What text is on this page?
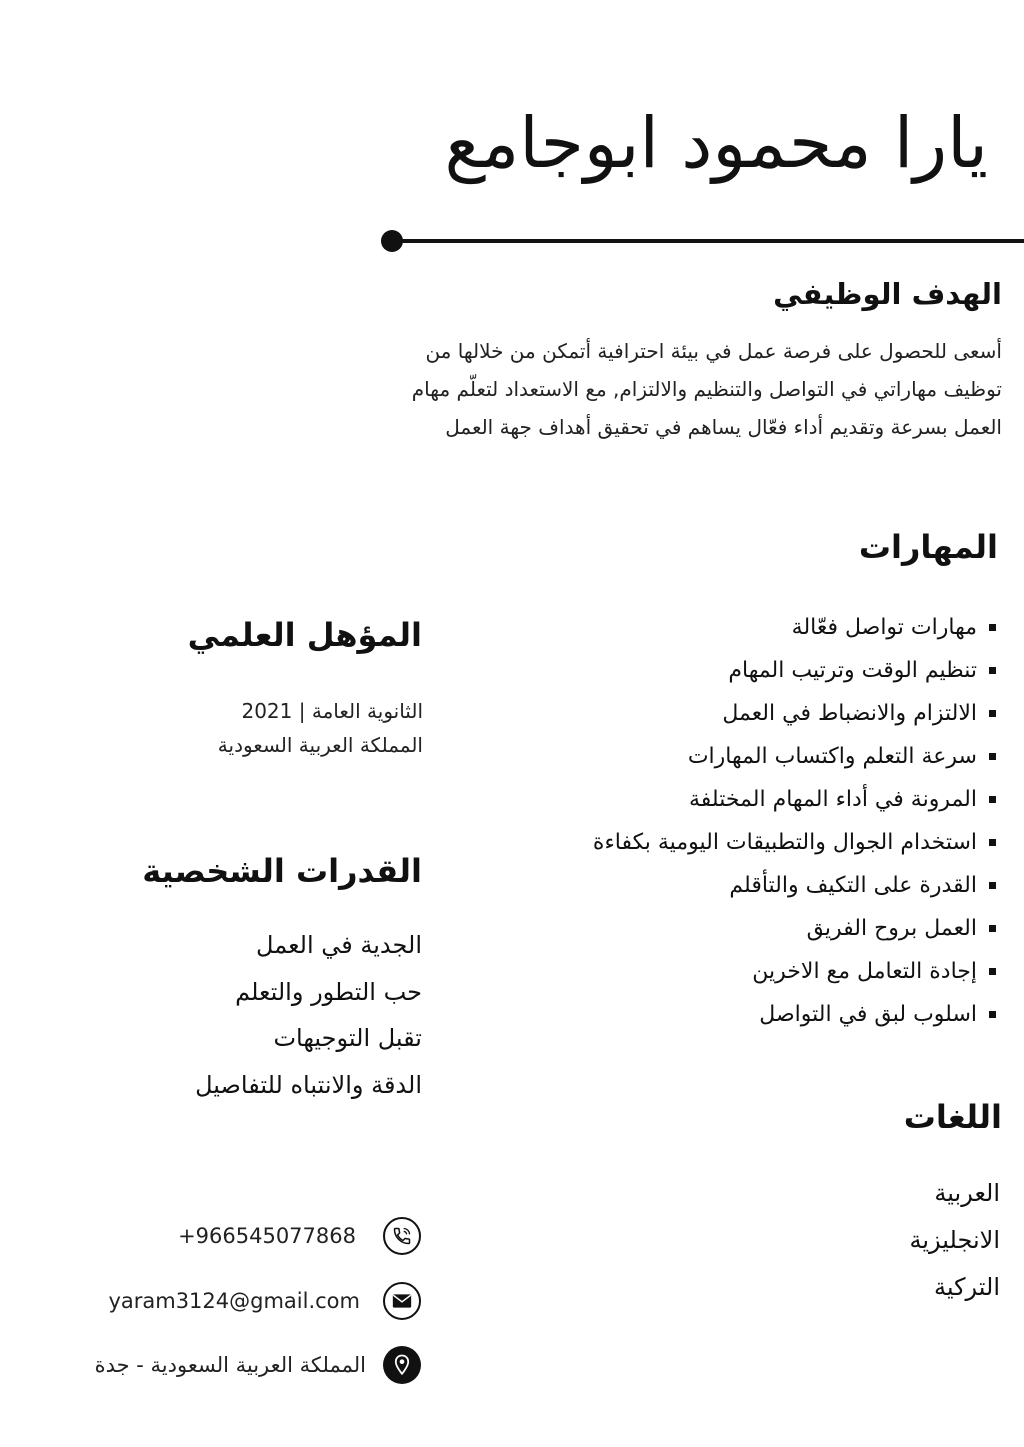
يارا محمود ابوجامع
الهدف الوظيفي
أسعى للحصول على فرصة عمل في بيئة احترافية أتمكن من خلالها من توظيف مهاراتي في التواصل والتنظيم والالتزام, مع الاستعداد لتعلّم مهام العمل بسرعة وتقديم أداء فعّال يساهم في تحقيق أهداف جهة العمل
المهارات
مهارات تواصل فعّالة
تنظيم الوقت وترتيب المهام
الالتزام والانضباط في العمل
سرعة التعلم واكتساب المهارات
المرونة في أداء المهام المختلفة
استخدام الجوال والتطبيقات اليومية بكفاءة
القدرة على التكيف والتأقلم
العمل بروح الفريق
إجادة التعامل مع الاخرين
اسلوب لبق في التواصل
اللغات
العربية
الانجليزية
التركية
المؤهل العلمي
الثانوية العامة | 2021
المملكة العربية السعودية
القدرات الشخصية
الجدية في العمل
حب التطور والتعلم
تقبل التوجيهات
الدقة والانتباه للتفاصيل
+966545077868
yaram3124@gmail.com
المملكة العربية السعودية - جدة
